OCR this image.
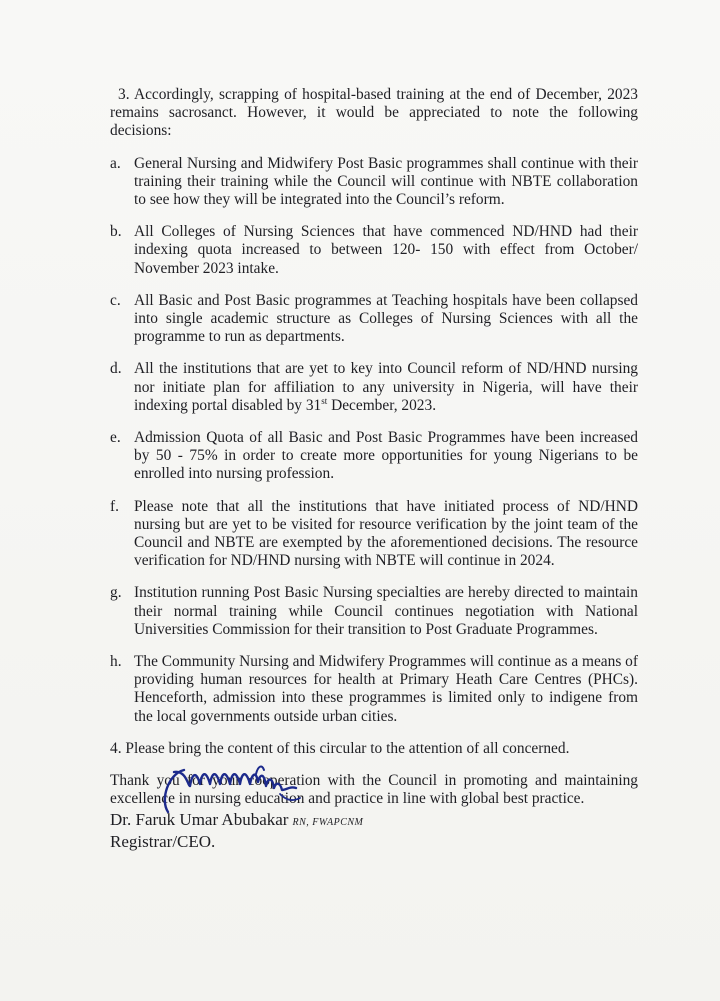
3. Accordingly, scrapping of hospital-based training at the end of December, 2023 remains sacrosanct. However, it would be appreciated to note the following decisions:

a. General Nursing and Midwifery Post Basic programmes shall continue with their training their training while the Council will continue with NBTE collaboration to see how they will be integrated into the Council’s reform.
b. All Colleges of Nursing Sciences that have commenced ND/HND had their indexing quota increased to between 120- 150 with effect from October/ November 2023 intake.
c. All Basic and Post Basic programmes at Teaching hospitals have been collapsed into single academic structure as Colleges of Nursing Sciences with all the programme to run as departments.
d. All the institutions that are yet to key into Council reform of ND/HND nursing nor initiate plan for affiliation to any university in Nigeria, will have their indexing portal disabled by 31st December, 2023.
e. Admission Quota of all Basic and Post Basic Programmes have been increased by 50 - 75% in order to create more opportunities for young Nigerians to be enrolled into nursing profession.
f. Please note that all the institutions that have initiated process of ND/HND nursing but are yet to be visited for resource verification by the joint team of the Council and NBTE are exempted by the aforementioned decisions. The resource verification for ND/HND nursing with NBTE will continue in 2024.
g. Institution running Post Basic Nursing specialties are hereby directed to maintain their normal training while Council continues negotiation with National Universities Commission for their transition to Post Graduate Programmes.
h. The Community Nursing and Midwifery Programmes will continue as a means of providing human resources for health at Primary Heath Care Centres (PHCs). Henceforth, admission into these programmes is limited only to indigene from the local governments outside urban cities.

4. Please bring the content of this circular to the attention of all concerned.

Thank you for your cooperation with the Council in promoting and maintaining excellence in nursing education and practice in line with global best practice.

Dr. Faruk Umar Abubakar RN, FWAPCNM
Registrar/CEO.
